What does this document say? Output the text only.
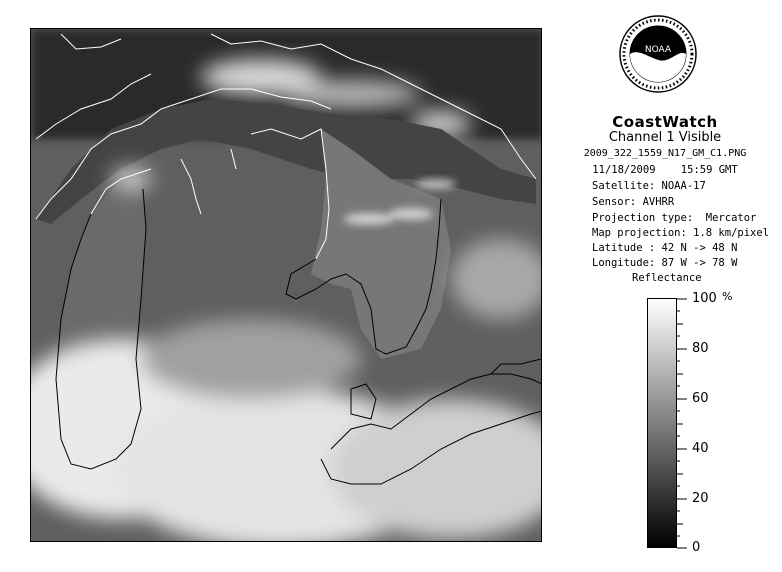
NOAA
CoastWatch
Channel 1 Visible
2009_322_1559_N17_GM_C1.PNG
11/18/2009    15:59 GMT
Satellite: NOAA-17
Sensor: AVHRR
Projection type:  Mercator
Map projection: 1.8 km/pixel
Latitude : 42 N -> 48 N
Longitude: 87 W -> 78 W
Reflectance
100
80
60
40
20
0
%
